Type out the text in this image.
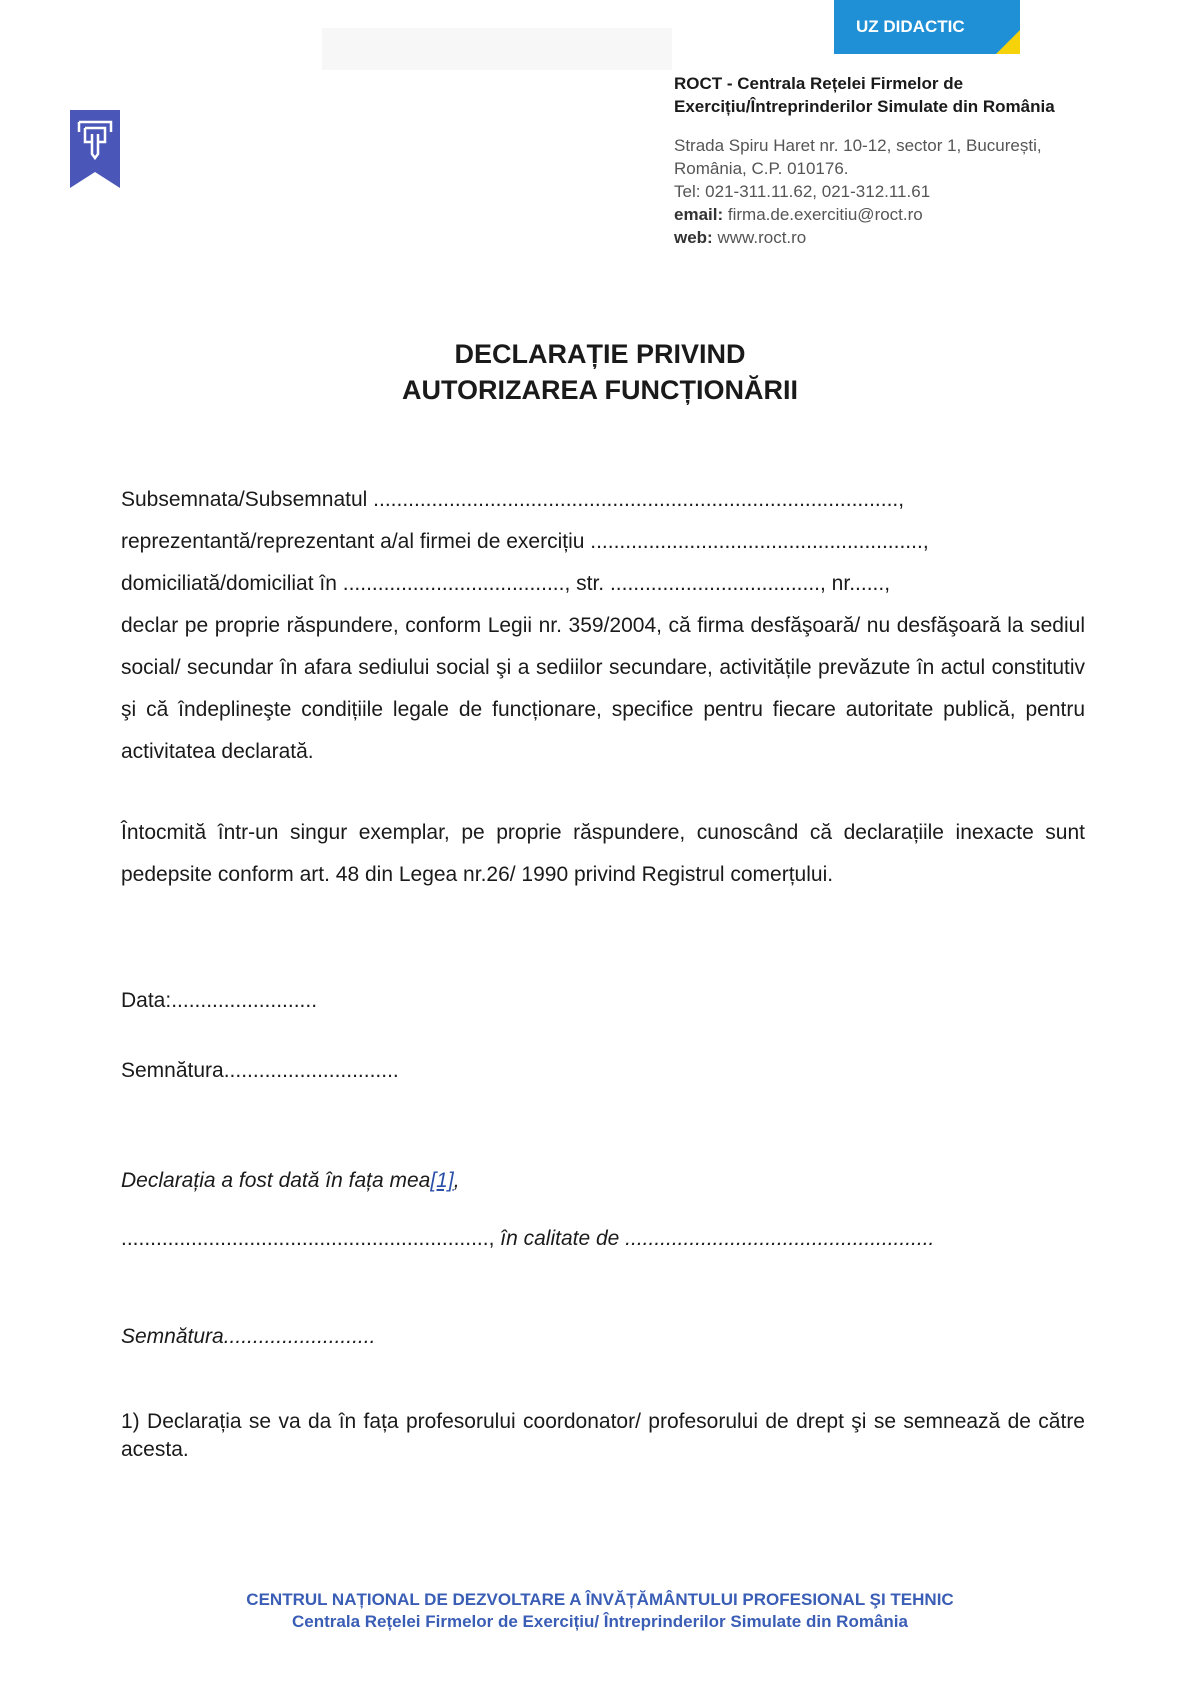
UZ DIDACTIC
ROCT - Centrala Rețelei Firmelor de
Exercițiu/Întreprinderilor Simulate din România
Strada Spiru Haret nr. 10-12, sector 1, București,
România, C.P. 010176.
Tel: 021-311.11.62, 021-312.11.61
email: firma.de.exercitiu@roct.ro
web: www.roct.ro
DECLARAȚIE PRIVIND
AUTORIZAREA FUNCȚIONĂRII
Subsemnata/Subsemnatul ..........................................................................................,
reprezentantă/reprezentant a/al firmei de exercițiu .........................................................,
domiciliată/domiciliat în ......................................, str. ...................................., nr......,
declar pe proprie răspundere, conform Legii nr. 359/2004, că firma desfăşoară/ nu desfăşoară la sediul social/ secundar în afara sediului social şi a sediilor secundare, activitățile prevăzute în actul constitutiv şi că îndeplineşte condițiile legale de funcționare, specifice pentru fiecare autoritate publică, pentru activitatea declarată.
Întocmită într-un singur exemplar, pe proprie răspundere, cunoscând că declarațiile inexacte sunt pedepsite conform art. 48 din Legea nr.26/ 1990 privind Registrul comerțului.
Data:.........................
Semnătura..............................
Declarația a fost dată în fața mea[1],
..............................................................., în calitate de .....................................................
Semnătura..........................
1) Declarația se va da în fața profesorului coordonator/ profesorului de drept şi se semnează de către acesta.
CENTRUL NAȚIONAL DE DEZVOLTARE A ÎNVĂȚĂMÂNTULUI PROFESIONAL ŞI TEHNIC
Centrala Rețelei Firmelor de Exercițiu/ Întreprinderilor Simulate din România
